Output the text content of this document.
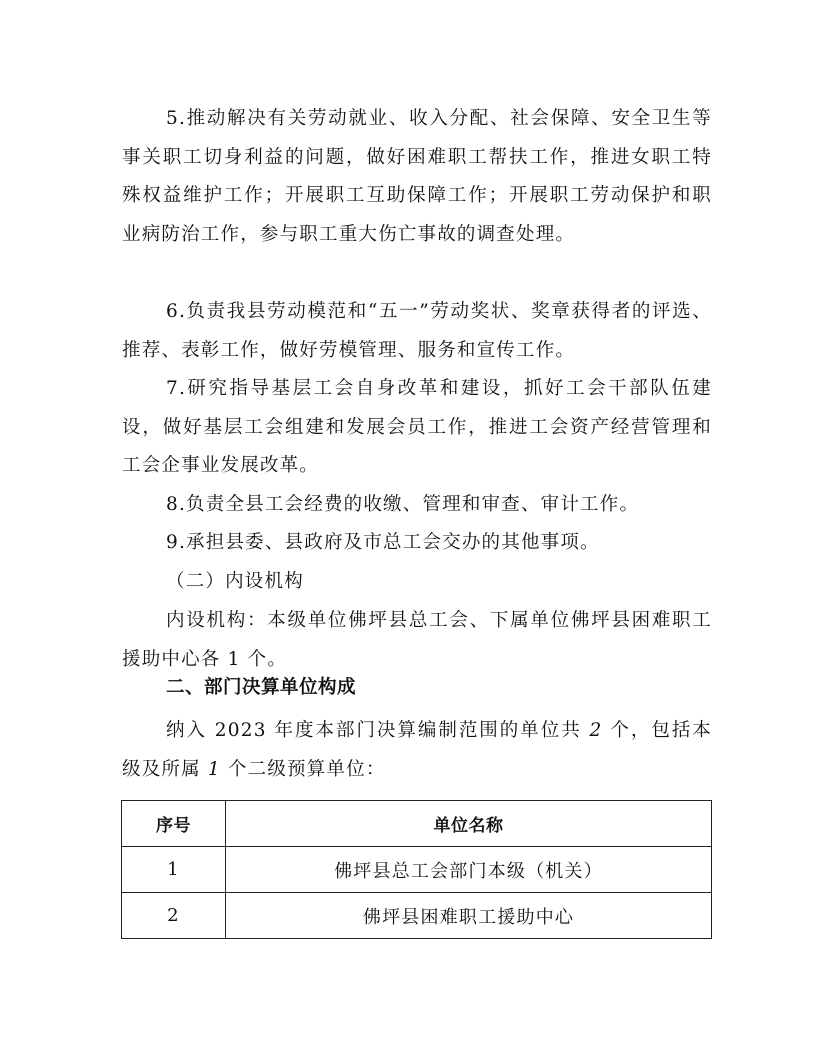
5.推动解决有关劳动就业、收入分配、社会保障、安全卫生等事关职工切身利益的问题，做好困难职工帮扶工作，推进女职工特殊权益维护工作；开展职工互助保障工作；开展职工劳动保护和职业病防治工作，参与职工重大伤亡事故的调查处理。

6.负责我县劳动模范和“五一”劳动奖状、奖章获得者的评选、推荐、表彰工作，做好劳模管理、服务和宣传工作。

7.研究指导基层工会自身改革和建设，抓好工会干部队伍建设，做好基层工会组建和发展会员工作，推进工会资产经营管理和工会企事业发展改革。

8.负责全县工会经费的收缴、管理和审查、审计工作。

9.承担县委、县政府及市总工会交办的其他事项。

（二）内设机构

内设机构：本级单位佛坪县总工会、下属单位佛坪县困难职工援助中心各 1 个。

二、部门决算单位构成

纳入 2023 年度本部门决算编制范围的单位共 2 个，包括本级及所属 1 个二级预算单位：

序号	单位名称
1	佛坪县总工会部门本级（机关）
2	佛坪县困难职工援助中心
